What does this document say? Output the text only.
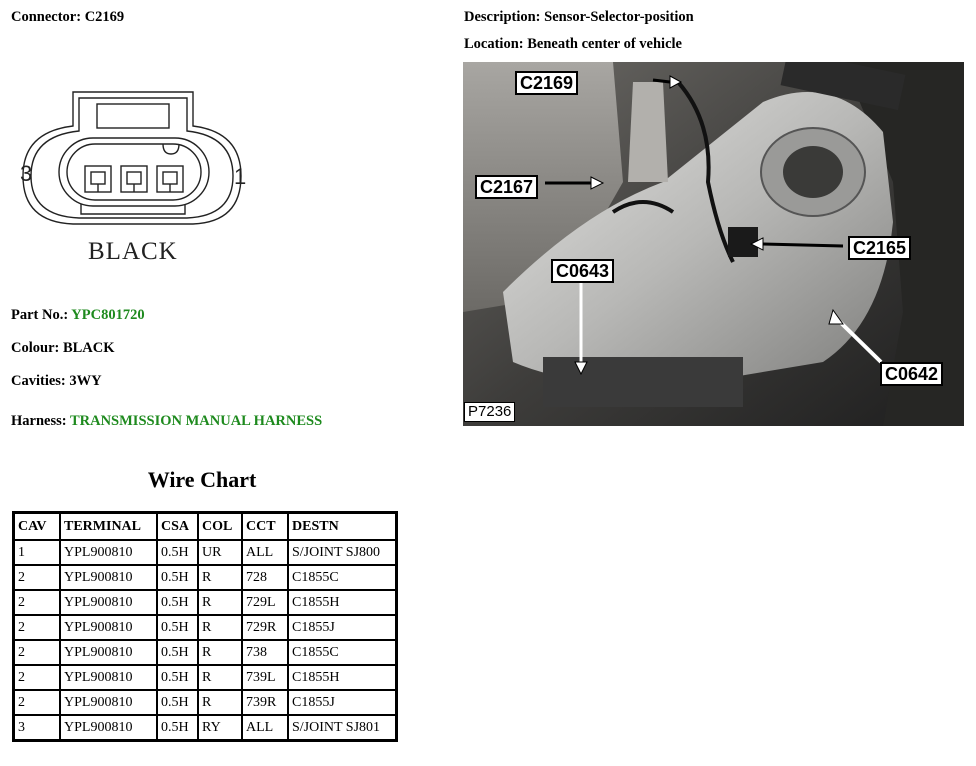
Connector: C2169
3	1
BLACK
Part No.: YPC801720
Colour: BLACK
Cavities: 3WY
Harness: TRANSMISSION MANUAL HARNESS
Description: Sensor-Selector-position
Location: Beneath center of vehicle
C2169
C2167
C2165
C0643
C0642
P7236
Wire Chart
CAV	TERMINAL	CSA	COL	CCT	DESTN
1	YPL900810	0.5H	UR	ALL	S/JOINT SJ800
2	YPL900810	0.5H	R	728	C1855C
2	YPL900810	0.5H	R	729L	C1855H
2	YPL900810	0.5H	R	729R	C1855J
2	YPL900810	0.5H	R	738	C1855C
2	YPL900810	0.5H	R	739L	C1855H
2	YPL900810	0.5H	R	739R	C1855J
3	YPL900810	0.5H	RY	ALL	S/JOINT SJ801
